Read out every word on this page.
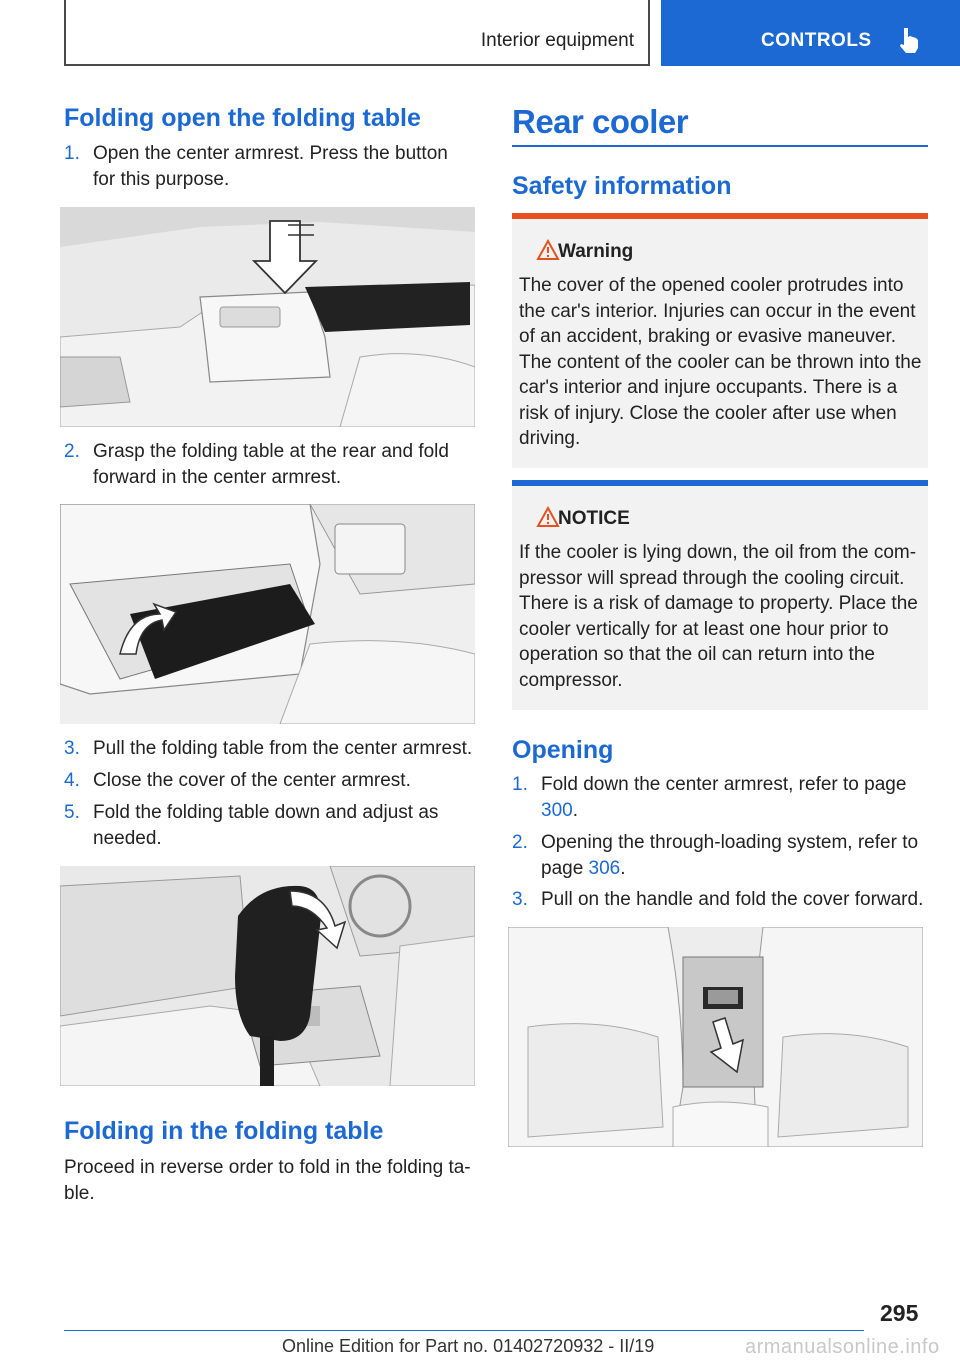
Interior equipment	CONTROLS
Folding open the folding table
1. Open the center armrest. Press the button for this purpose.
2. Grasp the folding table at the rear and fold forward in the center armrest.
3. Pull the folding table from the center armrest.
4. Close the cover of the center armrest.
5. Fold the folding table down and adjust as needed.
Folding in the folding table
Proceed in reverse order to fold in the folding ta-ble.
Rear cooler
Safety information
Warning
The cover of the opened cooler protrudes into the car's interior. Injuries can occur in the event of an accident, braking or evasive maneuver. The content of the cooler can be thrown into the car's interior and injure occupants. There is a risk of injury. Close the cooler after use when driving.
NOTICE
If the cooler is lying down, the oil from the com-pressor will spread through the cooling circuit. There is a risk of damage to property. Place the cooler vertically for at least one hour prior to operation so that the oil can return into the compressor.
Opening
1. Fold down the center armrest, refer to page 300.
2. Opening the through-loading system, refer to page 306.
3. Pull on the handle and fold the cover forward.
295
Online Edition for Part no. 01402720932 - II/19	armanualsonline.info
